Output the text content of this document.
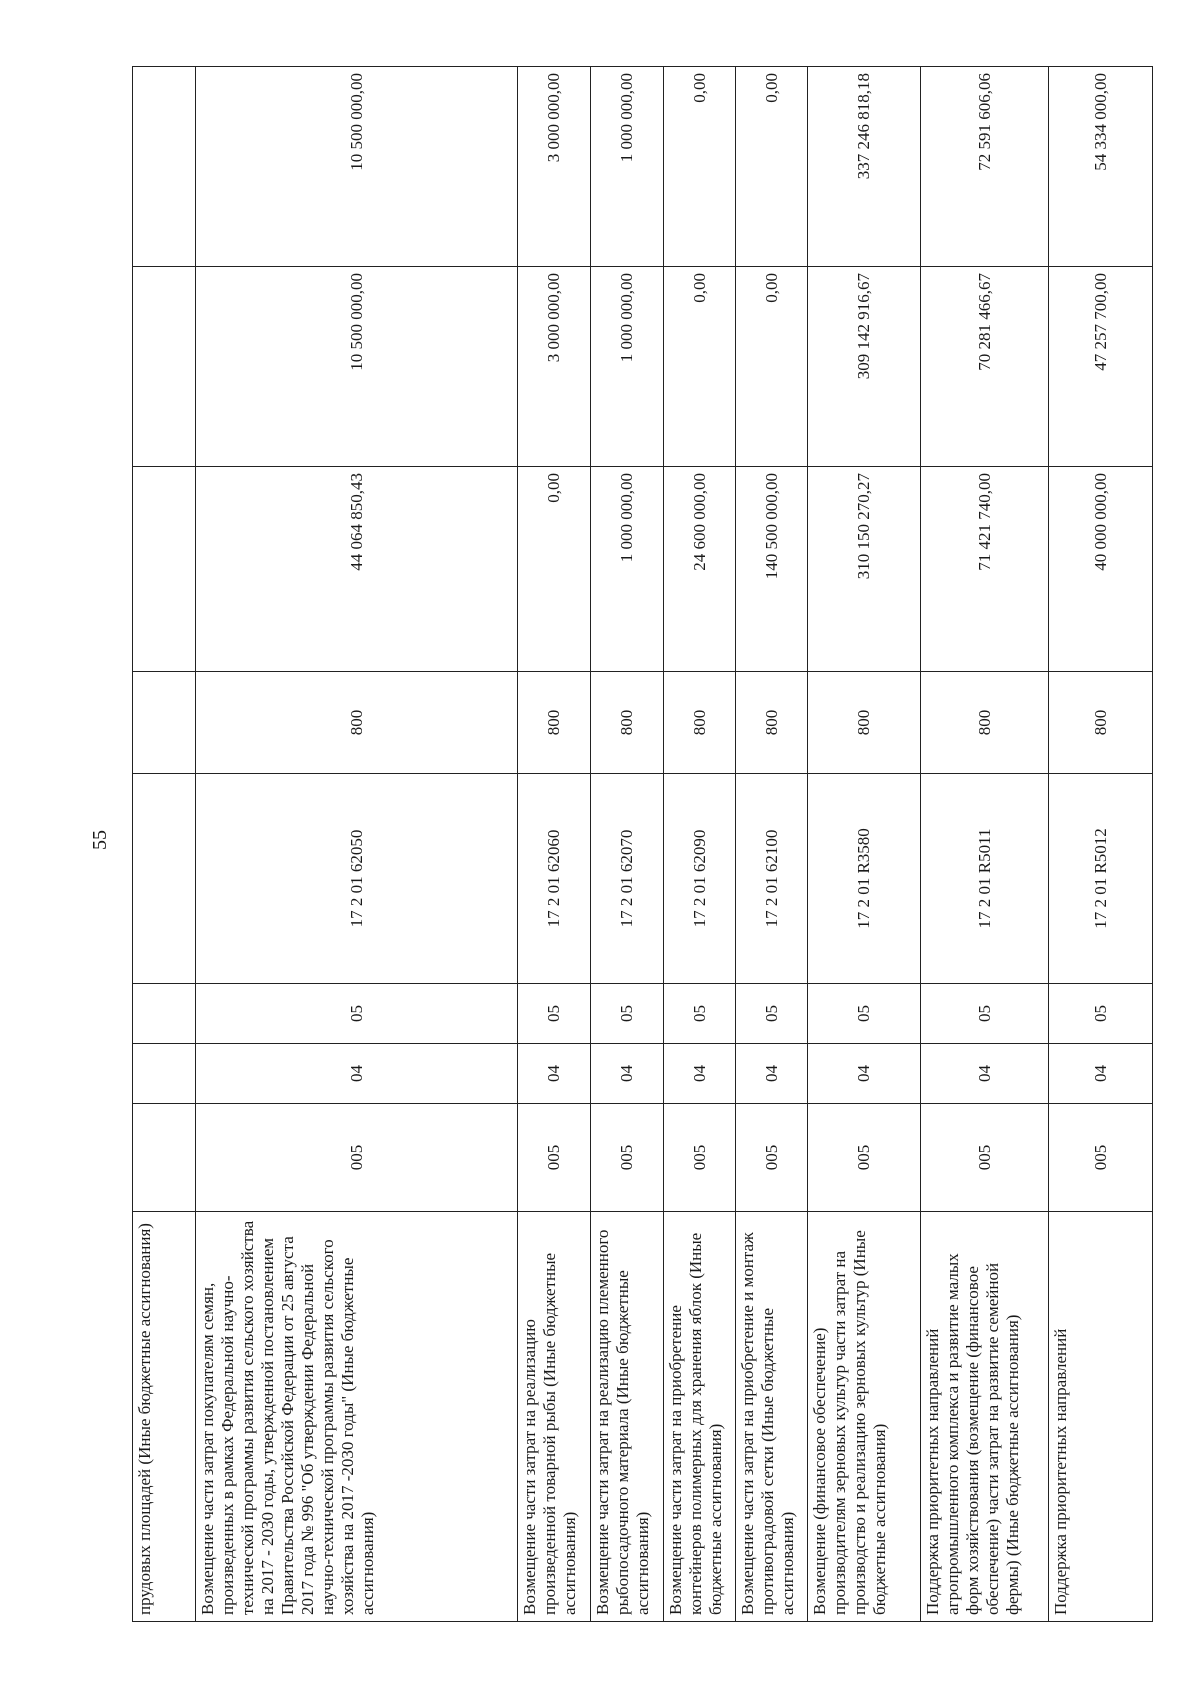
55
прудовых площадей (Иные бюджетные ассигнования)								
Возмещение части затрат покупателям семян, произведенных в рамках Федеральной научно-технической программы развития сельского хозяйства на 2017 - 2030 годы, утвержденной постановлением Правительства Российской Федерации от 25 августа 2017 года № 996 "Об утверждении Федеральной научно-технической программы развития сельского хозяйства на 2017 -2030 годы" (Иные бюджетные ассигнования)	005	04	05	17 2 01 62050	800	44 064 850,43	10 500 000,00	10 500 000,00
Возмещение части затрат на реализацию произведенной товарной рыбы (Иные бюджетные ассигнования)	005	04	05	17 2 01 62060	800	0,00	3 000 000,00	3 000 000,00
Возмещение части затрат на реализацию племенного рыбопосадочного материала (Иные бюджетные ассигнования)	005	04	05	17 2 01 62070	800	1 000 000,00	1 000 000,00	1 000 000,00
Возмещение части затрат на приобретение контейнеров полимерных для хранения яблок (Иные бюджетные ассигнования)	005	04	05	17 2 01 62090	800	24 600 000,00	0,00	0,00
Возмещение части затрат на приобретение и монтаж противоградовой сетки (Иные бюджетные ассигнования)	005	04	05	17 2 01 62100	800	140 500 000,00	0,00	0,00
Возмещение (финансовое обеспечение) производителям зерновых культур части затрат на производство и реализацию зерновых культур (Иные бюджетные ассигнования)	005	04	05	17 2 01 R3580	800	310 150 270,27	309 142 916,67	337 246 818,18
Поддержка приоритетных направлений агропромышленного комплекса и развитие малых форм хозяйствования (возмещение (финансовое обеспечение) части затрат на развитие семейной фермы) (Иные бюджетные ассигнования)	005	04	05	17 2 01 R5011	800	71 421 740,00	70 281 466,67	72 591 606,06
Поддержка приоритетных направлений	005	04	05	17 2 01 R5012	800	40 000 000,00	47 257 700,00	54 334 000,00
